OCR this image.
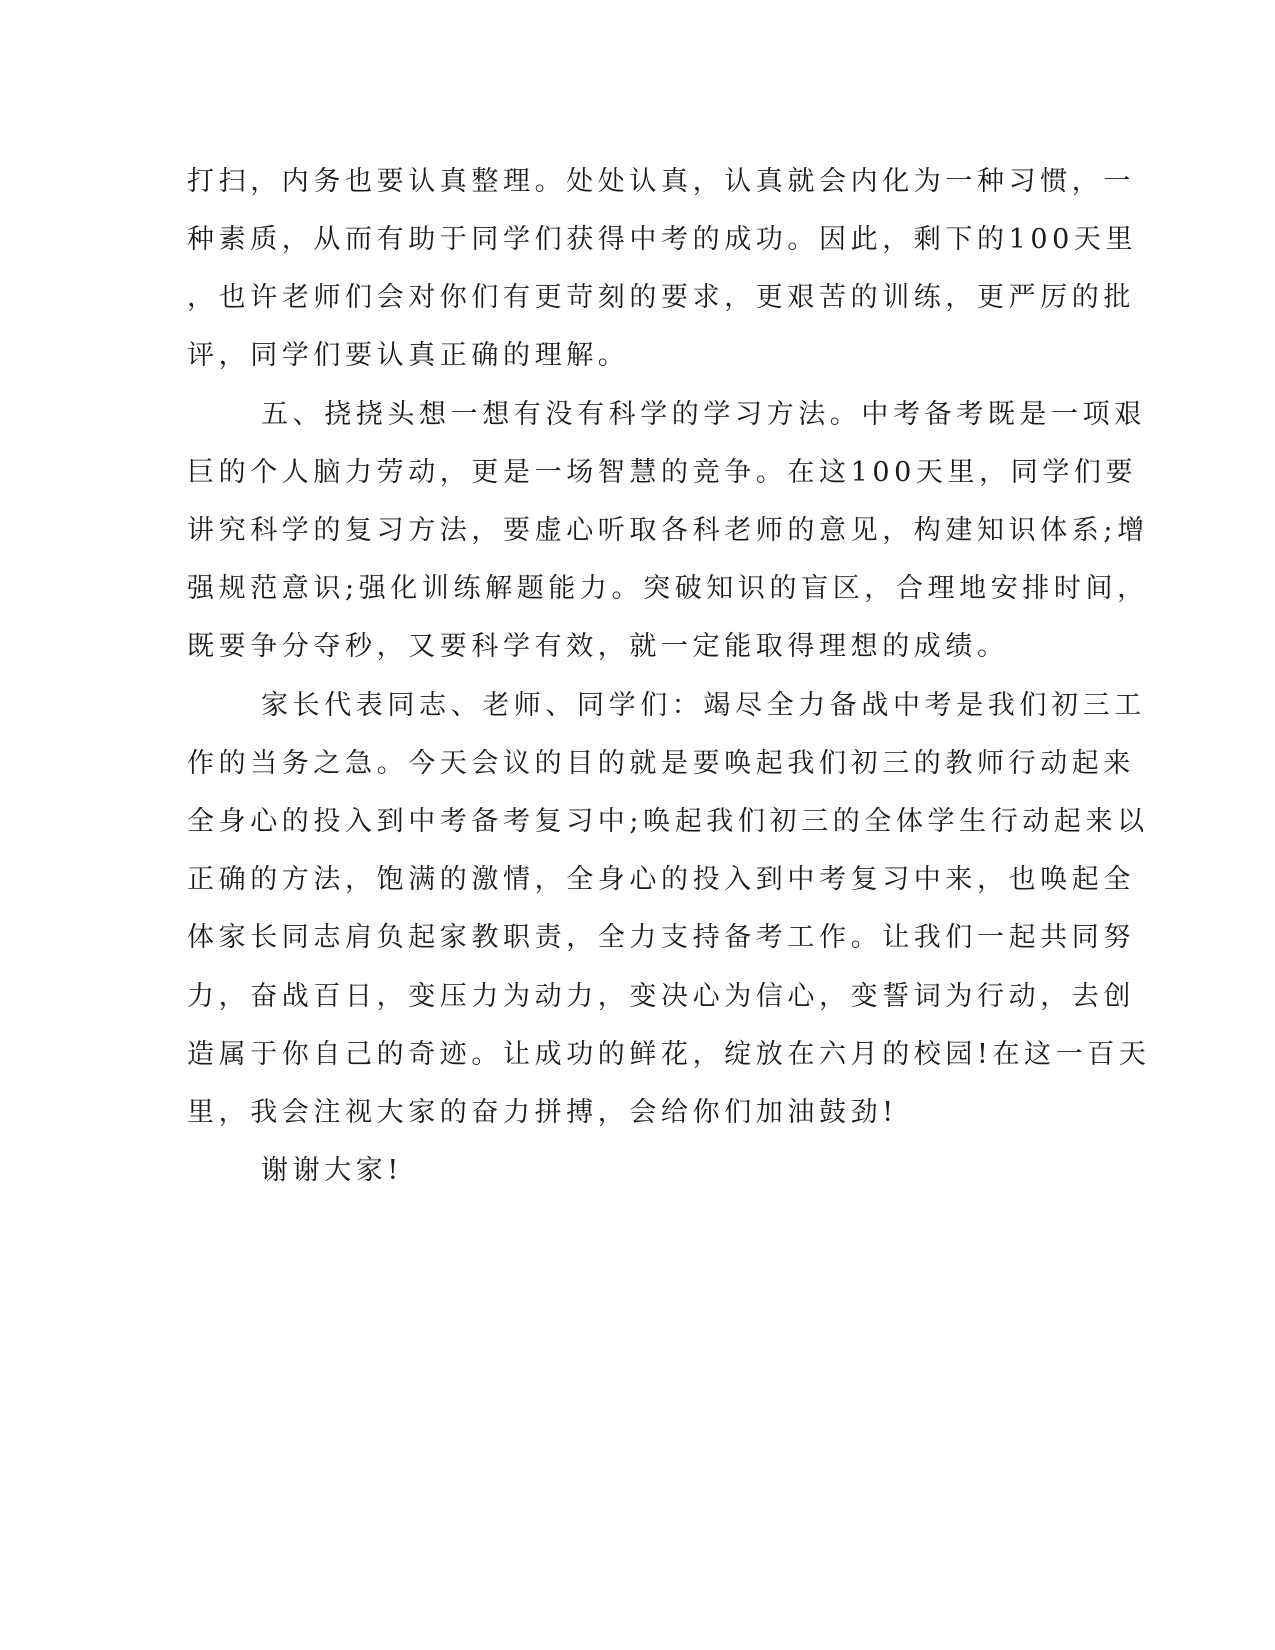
打扫，内务也要认真整理。处处认真，认真就会内化为一种习惯，一
种素质，从而有助于同学们获得中考的成功。因此，剩下的100天里
，也许老师们会对你们有更苛刻的要求，更艰苦的训练，更严厉的批
评，同学们要认真正确的理解。
五、挠挠头想一想有没有科学的学习方法。中考备考既是一项艰
巨的个人脑力劳动，更是一场智慧的竞争。在这100天里，同学们要
讲究科学的复习方法，要虚心听取各科老师的意见，构建知识体系;增
强规范意识;强化训练解题能力。突破知识的盲区，合理地安排时间，
既要争分夺秒，又要科学有效，就一定能取得理想的成绩。
家长代表同志、老师、同学们：竭尽全力备战中考是我们初三工
作的当务之急。今天会议的目的就是要唤起我们初三的教师行动起来
全身心的投入到中考备考复习中;唤起我们初三的全体学生行动起来以
正确的方法，饱满的激情，全身心的投入到中考复习中来，也唤起全
体家长同志肩负起家教职责，全力支持备考工作。让我们一起共同努
力，奋战百日，变压力为动力，变决心为信心，变誓词为行动，去创
造属于你自己的奇迹。让成功的鲜花，绽放在六月的校园!在这一百天
里，我会注视大家的奋力拼搏，会给你们加油鼓劲!
谢谢大家!
